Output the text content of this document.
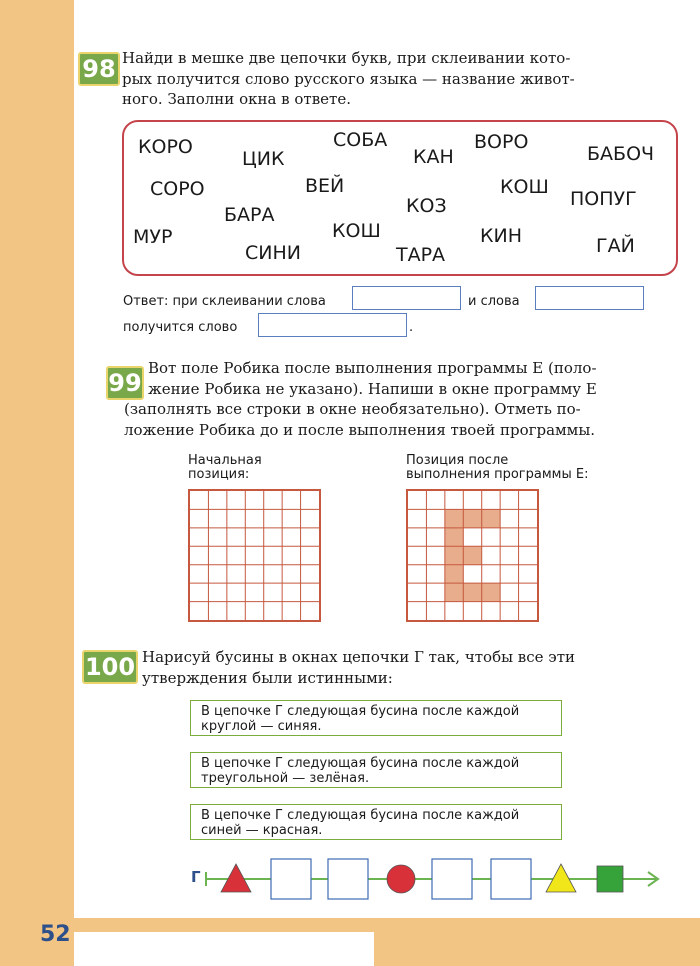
52
98 Найди в мешке две цепочки букв, при склеивании кото-
рых получится слово русского языка — название живот-
ного. Заполни окна в ответе.
КОРО
ЦИК
СОБА
КАН
ВОРО
БАБОЧ
СОРО	ВЕЙ
КОЗ
КОШ
ПОПУГ
БАРА
МУР
СИНИ
КОШ
ТАРА
КИН	ГАЙ
Ответ: при склеивании слова	и слова
получится слово	.
99
Вот поле Робика после выполнения программы Е (поло-
жение Робика не указано). Напиши в окне программу Е
(заполнять все строки в окне необязательно). Отметь по-
ложение Робика до и после выполнения твоей программы.
Начальная
позиция:
Позиция после
выполнения программы Е:
100 Нарисуй бусины в окнах цепочки Г так, чтобы все эти
утверждения были истинными:
В цепочке Г следующая бусина после каждой
круглой — синяя.
В цепочке Г следующая бусина после каждой
треугольной — зелёная.
В цепочке Г следующая бусина после каждой
синей — красная.
Г
